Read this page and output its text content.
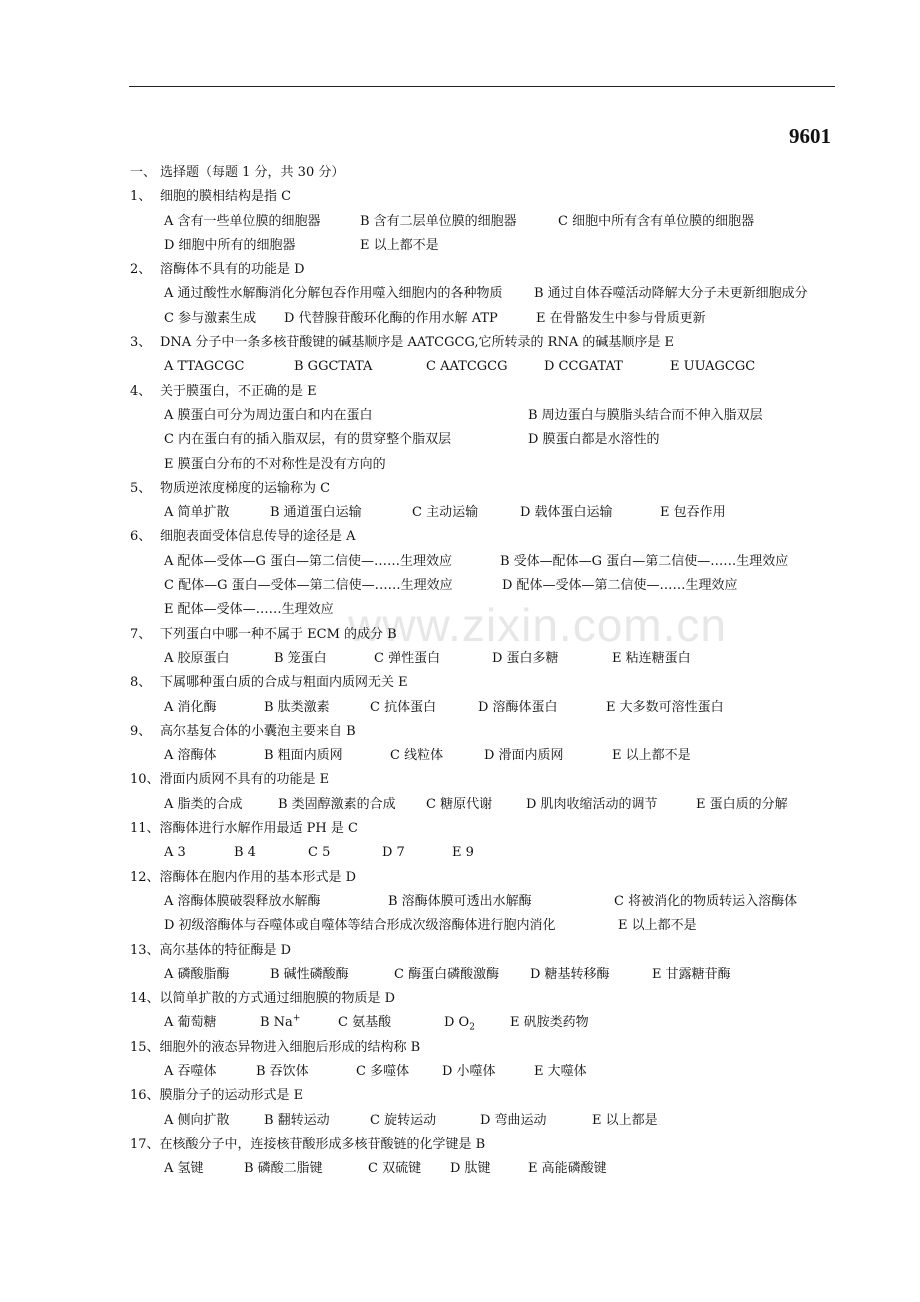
9601
www.zixin.com.cn
一、 选择题（每题 1 分，共 30 分）
1、 细胞的膜相结构是指 C
A 含有一些单位膜的细胞器	B 含有二层单位膜的细胞器	C 细胞中所有含有单位膜的细胞器
D 细胞中所有的细胞器	E 以上都不是
2、 溶酶体不具有的功能是 D
A 通过酸性水解酶消化分解包吞作用噬入细胞内的各种物质 B 通过自体吞噬活动降解大分子未更新细胞成分
C 参与激素生成 D 代替腺苷酸环化酶的作用水解 ATP	E 在骨骼发生中参与骨质更新
3、 DNA 分子中一条多核苷酸键的碱基顺序是 AATCGCG,它所转录的 RNA 的碱基顺序是 E
A TTAGCGC	B GGCTATA	C AATCGCG	D CCGATAT	E UUAGCGC
4、 关于膜蛋白，不正确的是 E
A 膜蛋白可分为周边蛋白和内在蛋白	B 周边蛋白与膜脂头结合而不伸入脂双层
C 内在蛋白有的插入脂双层，有的贯穿整个脂双层	D 膜蛋白都是水溶性的
E 膜蛋白分布的不对称性是没有方向的
5、 物质逆浓度梯度的运输称为 C
A 简单扩散	B 通道蛋白运输	C 主动运输	D 载体蛋白运输	E 包吞作用
6、 细胞表面受体信息传导的途径是 A
A 配体—受体—G 蛋白—第二信使—……生理效应	B 受体—配体—G 蛋白—第二信使—……生理效应
C 配体—G 蛋白—受体—第二信使—……生理效应	D 配体—受体—第二信使—……生理效应
E 配体—受体—……生理效应
7、 下列蛋白中哪一种不属于 ECM 的成分 B
A 胶原蛋白	B 笼蛋白	C 弹性蛋白	D 蛋白多糖	E 粘连糖蛋白
8、 下属哪种蛋白质的合成与粗面内质网无关 E
A 消化酶	B 肽类激素	C 抗体蛋白	D 溶酶体蛋白	E 大多数可溶性蛋白
9、 高尔基复合体的小囊泡主要来自 B
A 溶酶体	B 粗面内质网	C 线粒体	D 滑面内质网	E 以上都不是
10、滑面内质网不具有的功能是 E
A 脂类的合成	B 类固醇激素的合成 C 糖原代谢	D 肌肉收缩活动的调节	E 蛋白质的分解
11、溶酶体进行水解作用最适 PH 是 C
A 3	B 4	C 5	D 7	E 9
12、溶酶体在胞内作用的基本形式是 D
A 溶酶体膜破裂释放水解酶	B 溶酶体膜可透出水解酶	C 将被消化的物质转运入溶酶体
D 初级溶酶体与吞噬体或自噬体等结合形成次级溶酶体进行胞内消化	E 以上都不是
13、高尔基体的特征酶是 D
A 磷酸脂酶	B 碱性磷酸酶	C 酶蛋白磷酸激酶 D 糖基转移酶	E 甘露糖苷酶
14、以简单扩散的方式通过细胞膜的物质是 D
A 葡萄糖	B Na+	C 氨基酸	D $O_2$	E 矾胺类药物
15、细胞外的液态异物进入细胞后形成的结构称 B
A 吞噬体	B 吞饮体	C 多噬体	D 小噬体	E 大噬体
16、膜脂分子的运动形式是 E
A 侧向扩散	B 翻转运动	C 旋转运动	D 弯曲运动	E 以上都是
17、在核酸分子中，连接核苷酸形成多核苷酸链的化学键是 B
A 氢键	B 磷酸二脂键	C 双硫键 D 肽键	E 高能磷酸键
